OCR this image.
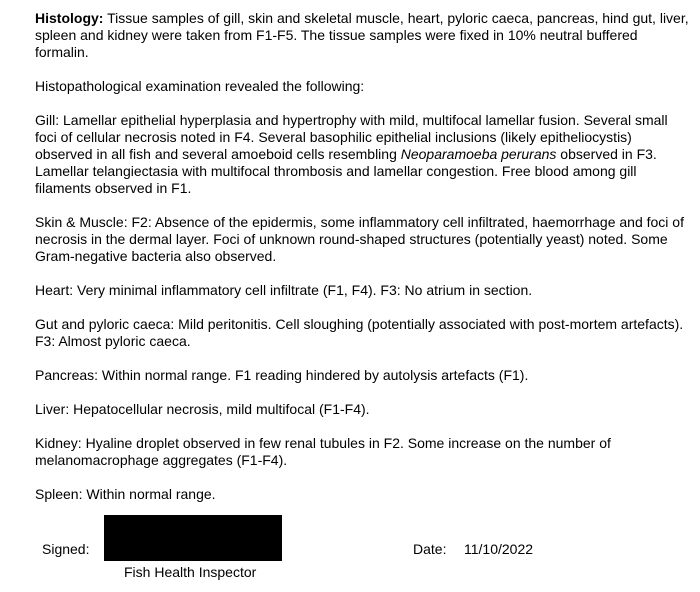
Histology: Tissue samples of gill, skin and skeletal muscle, heart, pyloric caeca, pancreas, hind gut, liver, spleen and kidney were taken from F1-F5. The tissue samples were fixed in 10% neutral buffered formalin.

Histopathological examination revealed the following:

Gill: Lamellar epithelial hyperplasia and hypertrophy with mild, multifocal lamellar fusion. Several small foci of cellular necrosis noted in F4. Several basophilic epithelial inclusions (likely epitheliocystis) observed in all fish and several amoeboid cells resembling Neoparamoeba perurans observed in F3. Lamellar telangiectasia with multifocal thrombosis and lamellar congestion. Free blood among gill filaments observed in F1.

Skin & Muscle: F2: Absence of the epidermis, some inflammatory cell infiltrated, haemorrhage and foci of necrosis in the dermal layer. Foci of unknown round-shaped structures (potentially yeast) noted. Some Gram-negative bacteria also observed.

Heart: Very minimal inflammatory cell infiltrate (F1, F4). F3: No atrium in section.

Gut and pyloric caeca: Mild peritonitis. Cell sloughing (potentially associated with post-mortem artefacts). F3: Almost pyloric caeca.

Pancreas: Within normal range. F1 reading hindered by autolysis artefacts (F1).

Liver: Hepatocellular necrosis, mild multifocal (F1-F4).

Kidney: Hyaline droplet observed in few renal tubules in F2. Some increase on the number of melanomacrophage aggregates (F1-F4).

Spleen: Within normal range.

Signed:
Fish Health Inspector
Date: 11/10/2022
